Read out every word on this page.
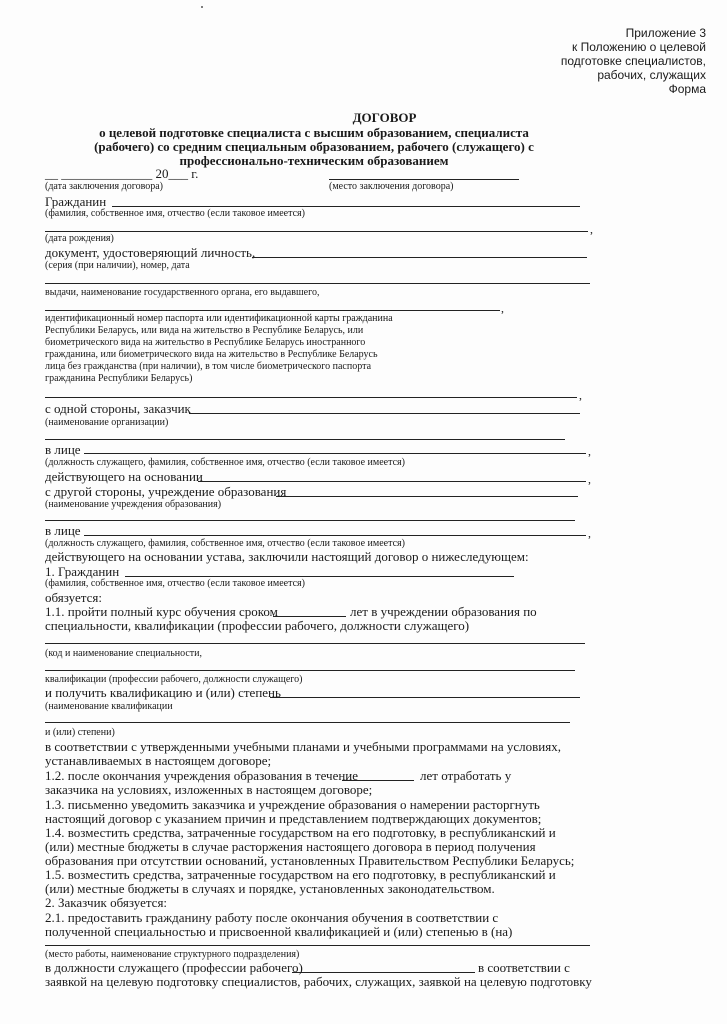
Приложение 3
к Положению о целевой
подготовке специалистов,
рабочих, служащих
Форма
ДОГОВОР
о целевой подготовке специалиста с высшим образованием, специалиста
(рабочего) со средним специальным образованием, рабочего (служащего) с
профессионально-техническим образованием
__ ______________ 20___ г.
(дата заключения договора)	(место заключения договора)
Гражданин
(фамилия, собственное имя, отчество (если таковое имеется)
,
(дата рождения)
документ, удостоверяющий личность,
(серия (при наличии), номер, дата
выдачи, наименование государственного органа, его выдавшего,
,
идентификационный номер паспорта или идентификационной карты гражданина
Республики Беларусь, или вида на жительство в Республике Беларусь, или
биометрического вида на жительство в Республике Беларусь иностранного
гражданина, или биометрического вида на жительство в Республике Беларусь
лица без гражданства (при наличии), в том числе биометрического паспорта
гражданина Республики Беларусь)
,
с одной стороны, заказчик
(наименование организации)
в лице	,
(должность служащего, фамилия, собственное имя, отчество (если таковое имеется)
действующего на основании	,
с другой стороны, учреждение образования
(наименование учреждения образования)
в лице	,
(должность служащего, фамилия, собственное имя, отчество (если таковое имеется)
действующего на основании устава, заключили настоящий договор о нижеследующем:
1. Гражданин
(фамилия, собственное имя, отчество (если таковое имеется)
обязуется:
1.1. пройти полный курс обучения сроком	лет в учреждении образования по
специальности, квалификации (профессии рабочего, должности служащего)
(код и наименование специальности,
квалификации (профессии рабочего, должности служащего)
и получить квалификацию и (или) степень
(наименование квалификации
и (или) степени)
в соответствии с утвержденными учебными планами и учебными программами на условиях,
устанавливаемых в настоящем договоре;
1.2. после окончания учреждения образования в течение	лет отработать у
заказчика на условиях, изложенных в настоящем договоре;
1.3. письменно уведомить заказчика и учреждение образования о намерении расторгнуть
настоящий договор с указанием причин и представлением подтверждающих документов;
1.4. возместить средства, затраченные государством на его подготовку, в республиканский и
(или) местные бюджеты в случае расторжения настоящего договора в период получения
образования при отсутствии оснований, установленных Правительством Республики Беларусь;
1.5. возместить средства, затраченные государством на его подготовку, в республиканский и
(или) местные бюджеты в случаях и порядке, установленных законодательством.
2. Заказчик обязуется:
2.1. предоставить гражданину работу после окончания обучения в соответствии с
полученной специальностью и присвоенной квалификацией и (или) степенью в (на)
(место работы, наименование структурного подразделения)
в должности служащего (профессии рабочего)	в соответствии с
заявкой на целевую подготовку специалистов, рабочих, служащих, заявкой на целевую подготовку
